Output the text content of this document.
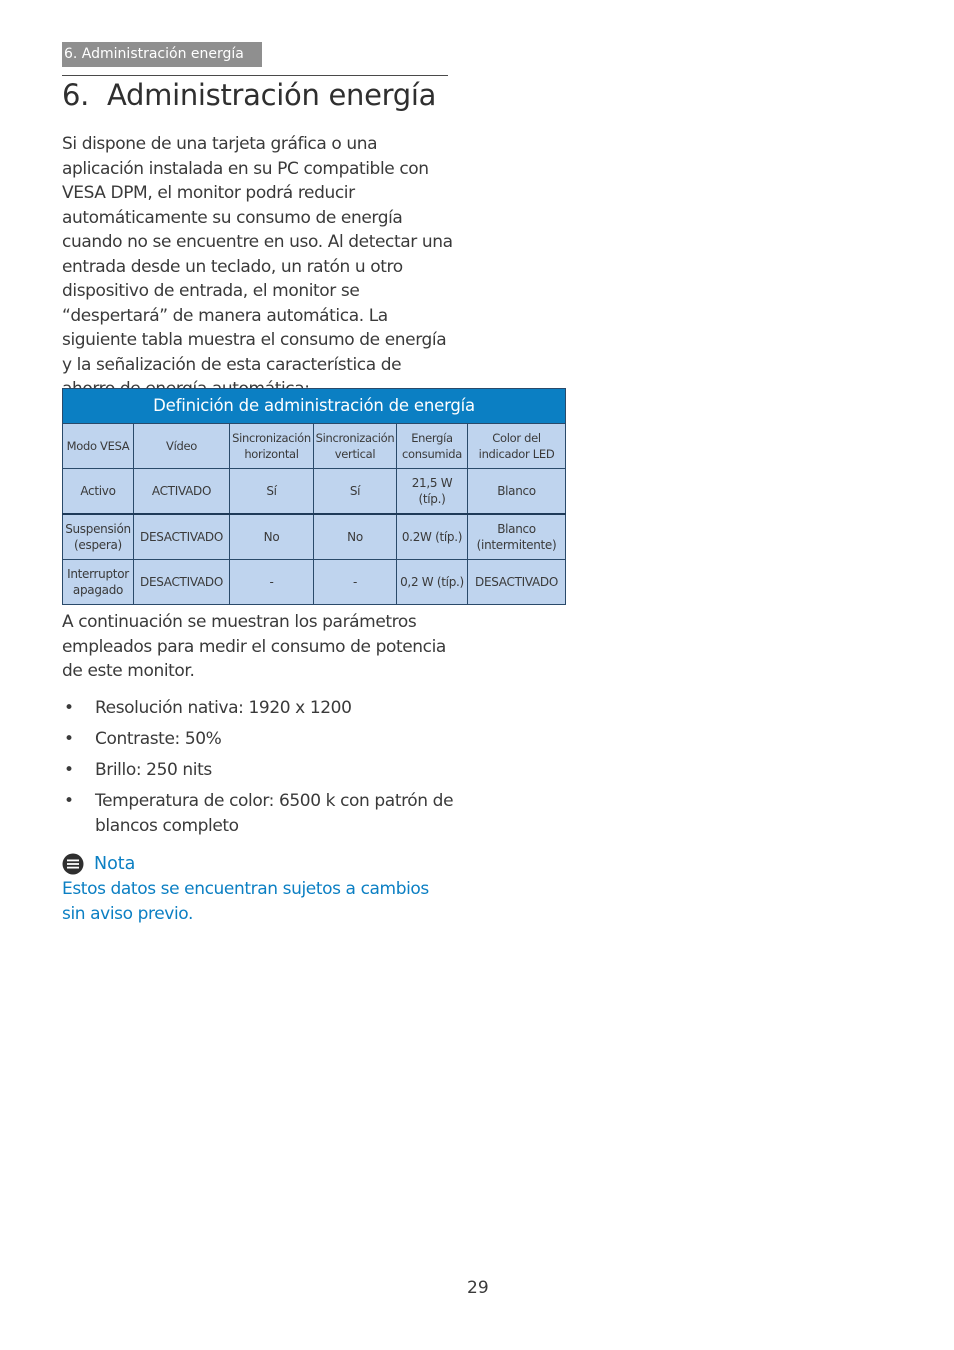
6. Administración energía
6. Administración energía

Si dispone de una tarjeta gráfica o una aplicación instalada en su PC compatible con VESA DPM, el monitor podrá reducir automáticamente su consumo de energía cuando no se encuentre en uso. Al detectar una entrada desde un teclado, un ratón u otro dispositivo de entrada, el monitor se “despertará” de manera automática. La siguiente tabla muestra el consumo de energía y la señalización de esta característica de

Definición de administración de energía					
Modo VESA	Vídeo	Sincronización horizontal	Sincronización vertical	Energía consumida	Color del indicador LED
Activo	ACTIVADO	Sí	Sí	21,5 W (típ.)	Blanco
Suspensión (espera)	DESACTIVADO	No	No	0.2W (típ.)	Blanco (intermitente)
Interruptor apagado	DESACTIVADO	-	-	0,2 W (típ.)	DESACTIVADO

A continuación se muestran los parámetros empleados para medir el consumo de potencia de este monitor.

• Resolución nativa: 1920 x 1200
• Contraste: 50%
• Brillo: 250 nits
• Temperatura de color: 6500 k con patrón de blancos completo
Nota

Estos datos se encuentran sujetos a cambios sin aviso previo.

29
